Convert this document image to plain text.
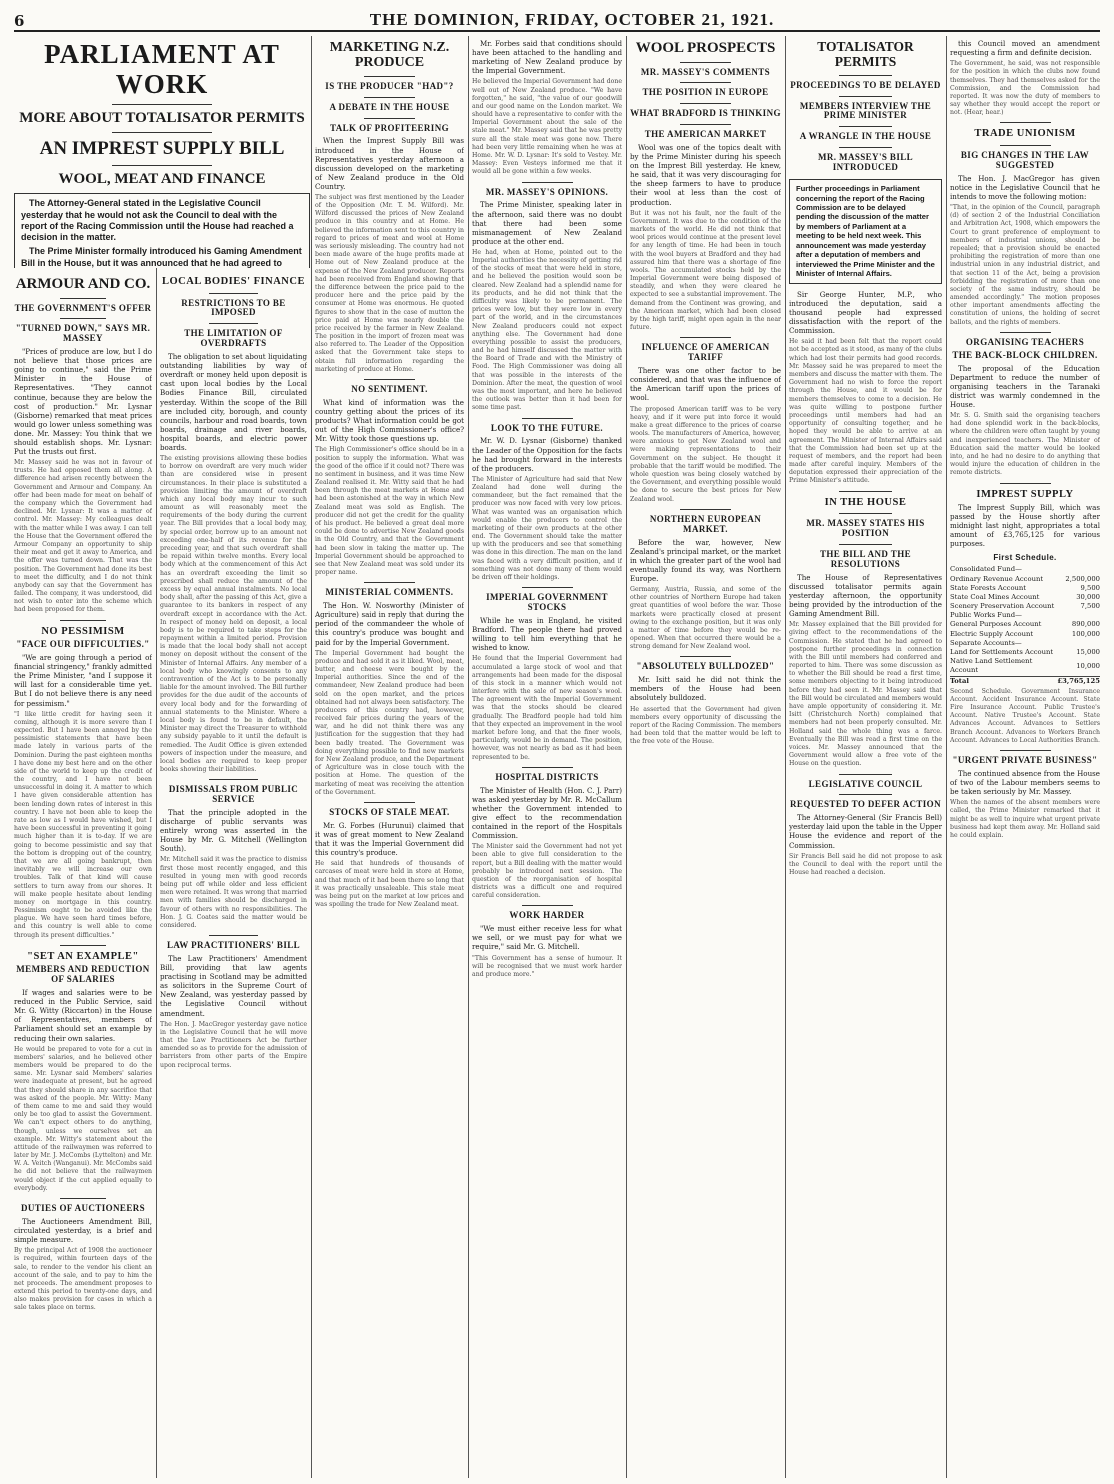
6	THE DOMINION, FRIDAY, OCTOBER 21, 1921.

PARLIAMENT AT WORK

MORE ABOUT TOTALISATOR PERMITS

AN IMPREST SUPPLY BILL

WOOL, MEAT AND FINANCE

The Attorney-General stated in the Legislative Council yesterday that he would not ask the Council to deal with the report of the Racing Commission until the House had reached a decision in the matter.

The Prime Minister formally introduced his Gaming Amendment Bill in the House, but it was announced that he had agreed to

ARMOUR AND CO.

THE GOVERNMENT'S OFFER

"TURNED DOWN," SAYS MR. MASSEY

"Prices of produce are low, but I do not believe that those prices are going to continue," said the Prime Minister in the House of Representatives. "They cannot continue, because they are below the cost of production." Mr. Lysnar (Gisborne) remarked that meat prices would go lower unless something was done. Mr. Massey: You think that we should establish shops. Mr. Lysnar: Put the trusts out first.

Mr. Massey said he was not in favour of trusts. He had opposed them all along. A difference had arisen recently between the Government and Armour and Company. An offer had been made for meat on behalf of the company which the Government had declined. Mr. Lysnar: It was a matter of control. Mr. Massey: My colleagues dealt with the matter while I was away. I can tell the House that the Government offered the Armour Company an opportunity to ship their meat and get it away to America, and the offer was turned down. That was the position. The Government had done its best to meet the difficulty, and I do not think anybody can say that the Government has failed. The company, it was understood, did not wish to enter into the scheme which had been proposed for them.

NO PESSIMISM

"FACE OUR DIFFICULTIES."

"We are going through a period of financial stringency," frankly admitted the Prime Minister, "and I suppose it will last for a considerable time yet. But I do not believe there is any need for pessimism."

"I like little credit for having seen it coming, although it is more severe than I expected. But I have been annoyed by the pessimistic statements that have been made lately in various parts of the Dominion. During the past eighteen months I have done my best here and on the other side of the world to keep up the credit of the country, and I have not been unsuccessful in doing it. A matter to which I have given considerable attention has been lending down rates of interest in this country. I have not been able to keep the rate as low as I would have wished, but I have been successful in preventing it going much higher than it is to-day. If we are going to become pessimistic and say that the bottom is dropping out of the country, that we are all going bankrupt, then inevitably we will increase our own troubles. Talk of that kind will cause settlers to turn away from our shores. It will make people hesitate about lending money on mortgage in this country. Pessimism ought to be avoided like the plague. We have seen hard times before, and this country is well able to come through its present difficulties."

"SET AN EXAMPLE"

MEMBERS AND REDUCTION OF SALARIES

If wages and salaries were to be reduced in the Public Service, said Mr. G. Witty (Riccarton) in the House of Representatives, members of Parliament should set an example by reducing their own salaries.

He would be prepared to vote for a cut in members' salaries, and he believed other members would be prepared to do the same. Mr. Lysnar said Members' salaries were inadequate at present, but he agreed that they should share in any sacrifice that was asked of the people. Mr. Witty: Many of them came to me and said they would only be too glad to assist the Government. We can't expect others to do anything, though, unless we ourselves set an example. Mr. Witty's statement about the attitude of the railwaymen was referred to later by Mr. J. McCombs (Lyttelton) and Mr. W. A. Veitch (Wanganui). Mr. McCombs said he did not believe that the railwaymen would object if the cut applied equally to everybody.

DUTIES OF AUCTIONEERS

The Auctioneers Amendment Bill, circulated yesterday, is a brief and simple measure.

By the principal Act of 1908 the auctioneer is required, within fourteen days of the sale, to render to the vendor his client an account of the sale, and to pay to him the net proceeds. The amendment proposes to extend this period to twenty-one days, and also makes provision for cases in which a sale takes place on terms.

LOCAL BODIES' FINANCE

RESTRICTIONS TO BE IMPOSED

THE LIMITATION OF OVERDRAFTS

The obligation to set about liquidating outstanding liabilities by way of overdraft or money held upon deposit is cast upon local bodies by the Local Bodies Finance Bill, circulated yesterday. Within the scope of the Bill are included city, borough, and county councils, harbour and road boards, town boards, drainage and river boards, hospital boards, and electric power boards.

The existing provisions allowing these bodies to borrow on overdraft are very much wider than are considered wise in present circumstances. In their place is substituted a provision limiting the amount of overdraft which any local body may incur to such amount as will reasonably meet the requirements of the body during the current year. The Bill provides that a local body may, by special order, borrow up to an amount not exceeding one-half of its revenue for the preceding year, and that such overdraft shall be repaid within twelve months. Every local body which at the commencement of this Act has an overdraft exceeding the limit so prescribed shall reduce the amount of the excess by equal annual instalments. No local body shall, after the passing of this Act, give a guarantee to its bankers in respect of any overdraft except in accordance with the Act. In respect of money held on deposit, a local body is to be required to take steps for the repayment within a limited period. Provision is made that the local body shall not accept money on deposit without the consent of the Minister of Internal Affairs. Any member of a local body who knowingly consents to any contravention of the Act is to be personally liable for the amount involved. The Bill further provides for the due audit of the accounts of every local body and for the forwarding of annual statements to the Minister. Where a local body is found to be in default, the Minister may direct the Treasurer to withhold any subsidy payable to it until the default is remedied. The Audit Office is given extended powers of inspection under the measure, and local bodies are required to keep proper books showing their liabilities.

DISMISSALS FROM PUBLIC SERVICE

That the principle adopted in the discharge of public servants was entirely wrong was asserted in the House by Mr. G. Mitchell (Wellington South).

Mr. Mitchell said it was the practice to dismiss first those most recently engaged, and this resulted in young men with good records being put off while older and less efficient men were retained. It was wrong that married men with families should be discharged in favour of others with no responsibilities. The Hon. J. G. Coates said the matter would be considered.

LAW PRACTITIONERS' BILL

The Law Practitioners' Amendment Bill, providing that law agents practising in Scotland may be admitted as solicitors in the Supreme Court of New Zealand, was yesterday passed by the Legislative Council without amendment.

The Hon. J. MacGregor yesterday gave notice in the Legislative Council that he will move that the Law Practitioners Act be further amended so as to provide for the admission of barristers from other parts of the Empire upon reciprocal terms.

MARKETING N.Z. PRODUCE

IS THE PRODUCER "HAD"?

A DEBATE IN THE HOUSE

TALK OF PROFITEERING

When the Imprest Supply Bill was introduced in the House of Representatives yesterday afternoon a discussion developed on the marketing of New Zealand produce in the Old Country.

The subject was first mentioned by the Leader of the Opposition (Mr. T. M. Wilford). Mr. Wilford discussed the prices of New Zealand produce in this country and at Home. He believed the information sent to this country in regard to prices of meat and wool at Home was seriously misleading. The country had not been made aware of the huge profits made at Home out of New Zealand produce at the expense of the New Zealand producer. Reports had been received from England showing that the difference between the price paid to the producer here and the price paid by the consumer at Home was enormous. He quoted figures to show that in the case of mutton the price paid at Home was nearly double the price received by the farmer in New Zealand. The position in the import of frozen meat was also referred to. The Leader of the Opposition asked that the Government take steps to obtain full information regarding the marketing of produce at Home.

NO SENTIMENT.

What kind of information was the country getting about the prices of its products? What information could be got out of the High Commissioner's office? Mr. Witty took those questions up.

The High Commissioner's office should be in a position to supply the information. What was the good of the office if it could not? There was no sentiment in business, and it was time New Zealand realised it. Mr. Witty said that he had been through the meat markets at Home and had been astonished at the way in which New Zealand meat was sold as English. The producer did not get the credit for the quality of his product. He believed a great deal more could be done to advertise New Zealand goods in the Old Country, and that the Government had been slow in taking the matter up. The Imperial Government should be approached to see that New Zealand meat was sold under its proper name.

MINISTERIAL COMMENTS.

The Hon. W. Nosworthy (Minister of Agriculture) said in reply that during the period of the commandeer the whole of this country's produce was bought and paid for by the Imperial Government.

The Imperial Government had bought the produce and had sold it as it liked. Wool, meat, butter, and cheese were bought by the Imperial authorities. Since the end of the commandeer, New Zealand produce had been sold on the open market, and the prices obtained had not always been satisfactory. The producers of this country had, however, received fair prices during the years of the war, and he did not think there was any justification for the suggestion that they had been badly treated. The Government was doing everything possible to find new markets for New Zealand produce, and the Department of Agriculture was in close touch with the position at Home. The question of the marketing of meat was receiving the attention of the Government.

STOCKS OF STALE MEAT.

Mr. G. Forbes (Hurunui) claimed that it was of great moment to New Zealand that it was the Imperial Government did this country's produce.

He said that hundreds of thousands of carcases of meat were held in store at Home, and that much of it had been there so long that it was practically unsaleable. This stale meat was being put on the market at low prices and was spoiling the trade for New Zealand meat.

Mr. Forbes said that conditions should have been attached to the handling and marketing of New Zealand produce by the Imperial Government.

He believed the Imperial Government had done well out of New Zealand produce. "We have forgotten," he said, "the value of our goodwill and our good name on the London market. We should have a representative to confer with the Imperial Government about the sale of the stale meat." Mr. Massey said that he was pretty sure all the stale meat was gone now. There had been very little remaining when he was at Home. Mr. W. D. Lysnar: It's sold to Vestey. Mr. Massey: Even Vesteys informed me that it would all be gone within a few weeks.

MR. MASSEY'S OPINIONS.

The Prime Minister, speaking later in the afternoon, said there was no doubt that there had been some mismanagement of New Zealand produce at the other end.

He had, when at Home, pointed out to the Imperial authorities the necessity of getting rid of the stocks of meat that were held in store, and he believed the position would soon be cleared. New Zealand had a splendid name for its products, and he did not think that the difficulty was likely to be permanent. The prices were low, but they were low in every part of the world, and in the circumstances New Zealand producers could not expect anything else. The Government had done everything possible to assist the producers, and he had himself discussed the matter with the Board of Trade and with the Ministry of Food. The High Commissioner was doing all that was possible in the interests of the Dominion. After the meat, the question of wool was the most important, and here he believed the outlook was better than it had been for some time past.

LOOK TO THE FUTURE.

Mr. W. D. Lysnar (Gisborne) thanked the Leader of the Opposition for the facts he had brought forward in the interests of the producers.

The Minister of Agriculture had said that New Zealand had done well during the commandeer, but the fact remained that the producer was now faced with very low prices. What was wanted was an organisation which would enable the producers to control the marketing of their own products at the other end. The Government should take the matter up with the producers and see that something was done in this direction. The man on the land was faced with a very difficult position, and if something was not done many of them would be driven off their holdings.

IMPERIAL GOVERNMENT STOCKS

While he was in England, he visited Bradford. The people there had proved willing to tell him everything that he wished to know.

He found that the Imperial Government had accumulated a large stock of wool and that arrangements had been made for the disposal of this stock in a manner which would not interfere with the sale of new season's wool. The agreement with the Imperial Government was that the stocks should be cleared gradually. The Bradford people had told him that they expected an improvement in the wool market before long, and that the finer wools, particularly, would be in demand. The position, however, was not nearly as bad as it had been represented to be.

HOSPITAL DISTRICTS

The Minister of Health (Hon. C. J. Parr) was asked yesterday by Mr. R. McCallum whether the Government intended to give effect to the recommendation contained in the report of the Hospitals Commission.

The Minister said the Government had not yet been able to give full consideration to the report, but a Bill dealing with the matter would probably be introduced next session. The question of the reorganisation of hospital districts was a difficult one and required careful consideration.

WORK HARDER

"We must either receive less for what we sell, or we must pay for what we require," said Mr. G. Mitchell.

"This Government has a sense of humour. It will be recognised that we must work harder and produce more."

WOOL PROSPECTS

MR. MASSEY'S COMMENTS

THE POSITION IN EUROPE

WHAT BRADFORD IS THINKING

THE AMERICAN MARKET

Wool was one of the topics dealt with by the Prime Minister during his speech on the Imprest Bill yesterday. He knew, he said, that it was very discouraging for the sheep farmers to have to produce their wool at less than the cost of production.

But it was not his fault, nor the fault of the Government. It was due to the condition of the markets of the world. He did not think that wool prices would continue at the present level for any length of time. He had been in touch with the wool buyers at Bradford and they had assured him that there was a shortage of fine wools. The accumulated stocks held by the Imperial Government were being disposed of steadily, and when they were cleared he expected to see a substantial improvement. The demand from the Continent was growing, and the American market, which had been closed by the high tariff, might open again in the near future.

INFLUENCE OF AMERICAN TARIFF

There was one other factor to be considered, and that was the influence of the American tariff upon the prices of wool.

The proposed American tariff was to be very heavy, and if it were put into force it would make a great difference to the prices of coarse wools. The manufacturers of America, however, were anxious to get New Zealand wool and were making representations to their Government on the subject. He thought it probable that the tariff would be modified. The whole question was being closely watched by the Government, and everything possible would be done to secure the best prices for New Zealand wool.

NORTHERN EUROPEAN MARKET.

Before the war, however, New Zealand's principal market, or the market in which the greater part of the wool had eventually found its way, was Northern Europe.

Germany, Austria, Russia, and some of the other countries of Northern Europe had taken great quantities of wool before the war. Those markets were practically closed at present owing to the exchange position, but it was only a matter of time before they would be re-opened. When that occurred there would be a strong demand for New Zealand wool.

"ABSOLUTELY BULLDOZED"

Mr. Isitt said he did not think the members of the House had been absolutely bulldozed.

He asserted that the Government had given members every opportunity of discussing the report of the Racing Commission. The members had been told that the matter would be left to the free vote of the House.

TOTALISATOR PERMITS

PROCEEDINGS TO BE DELAYED

MEMBERS INTERVIEW THE PRIME MINISTER

A WRANGLE IN THE HOUSE

MR. MASSEY'S BILL INTRODUCED

Further proceedings in Parliament concerning the report of the Racing Commission are to be delayed pending the discussion of the matter by members of Parliament at a meeting to be held next week. This announcement was made yesterday after a deputation of members and interviewed the Prime Minister and the Minister of Internal Affairs.

Sir George Hunter, M.P., who introduced the deputation, said a thousand people had expressed dissatisfaction with the report of the Commission.

He said it had been felt that the report could not be accepted as it stood, as many of the clubs which had lost their permits had good records. Mr. Massey said he was prepared to meet the members and discuss the matter with them. The Government had no wish to force the report through the House, and it would be for members themselves to come to a decision. He was quite willing to postpone further proceedings until members had had an opportunity of consulting together, and he hoped they would be able to arrive at an agreement. The Minister of Internal Affairs said that the Commission had been set up at the request of members, and the report had been made after careful inquiry. Members of the deputation expressed their appreciation of the Prime Minister's attitude.

IN THE HOUSE

MR. MASSEY STATES HIS POSITION

THE BILL AND THE RESOLUTIONS

The House of Representatives discussed totalisator permits again yesterday afternoon, the opportunity being provided by the introduction of the Gaming Amendment Bill.

Mr. Massey explained that the Bill provided for giving effect to the recommendations of the Commission. He stated that he had agreed to postpone further proceedings in connection with the Bill until members had conferred and reported to him. There was some discussion as to whether the Bill should be read a first time, some members objecting to it being introduced before they had seen it. Mr. Massey said that the Bill would be circulated and members would have ample opportunity of considering it. Mr. Isitt (Christchurch North) complained that members had not been properly consulted. Mr. Holland said the whole thing was a farce. Eventually the Bill was read a first time on the voices. Mr. Massey announced that the Government would allow a free vote of the House on the question.

LEGISLATIVE COUNCIL

REQUESTED TO DEFER ACTION

The Attorney-General (Sir Francis Bell) yesterday laid upon the table in the Upper House the evidence and report of the Commission.

Sir Francis Bell said he did not propose to ask the Council to deal with the report until the House had reached a decision.

this Council moved an amendment requesting a firm and definite decision.

The Government, he said, was not responsible for the position in which the clubs now found themselves. They had themselves asked for the Commission, and the Commission had reported. It was now the duty of members to say whether they would accept the report or not. (Hear, hear.)

TRADE UNIONISM

BIG CHANGES IN THE LAW SUGGESTED

The Hon. J. MacGregor has given notice in the Legislative Council that he intends to move the following motion:

"That, in the opinion of the Council, paragraph (d) of section 2 of the Industrial Conciliation and Arbitration Act, 1908, which empowers the Court to grant preference of employment to members of industrial unions, should be repealed; that a provision should be enacted prohibiting the registration of more than one industrial union in any industrial district, and that section 11 of the Act, being a provision forbidding the registration of more than one society of the same industry, should be amended accordingly." The motion proposes other important amendments affecting the constitution of unions, the holding of secret ballots, and the rights of members.

ORGANISING TEACHERS

THE BACK-BLOCK CHILDREN.

The proposal of the Education Department to reduce the number of organising teachers in the Taranaki district was warmly condemned in the House.

Mr. S. G. Smith said the organising teachers had done splendid work in the back-blocks, where the children were often taught by young and inexperienced teachers. The Minister of Education said the matter would be looked into, and he had no desire to do anything that would injure the education of children in the remote districts.

IMPREST SUPPLY

The Imprest Supply Bill, which was passed by the House shortly after midnight last night, appropriates a total amount of £3,765,125 for various purposes.

First Schedule.

Consolidated Fund—	
Ordinary Revenue Account	2,500,000
State Forests Account	9,500
State Coal Mines Account	30,000
Scenery Preservation Account	7,500
Public Works Fund—	
General Purposes Account	890,000
Electric Supply Account	100,000
Separate Accounts—	
Land for Settlements Account	15,000
Native Land Settlement Account	10,000
Total	£3,765,125
Second Schedule. Government Insurance Account. Accident Insurance Account. State Fire Insurance Account. Public Trustee's Account. Native Trustee's Account. State Advances Account. Advances to Settlers Branch Account. Advances to Workers Branch Account. Advances to Local Authorities Branch.

"URGENT PRIVATE BUSINESS"

The continued absence from the House of two of the Labour members seems to be taken seriously by Mr. Massey.

When the names of the absent members were called, the Prime Minister remarked that it might be as well to inquire what urgent private business had kept them away. Mr. Holland said he could explain.
